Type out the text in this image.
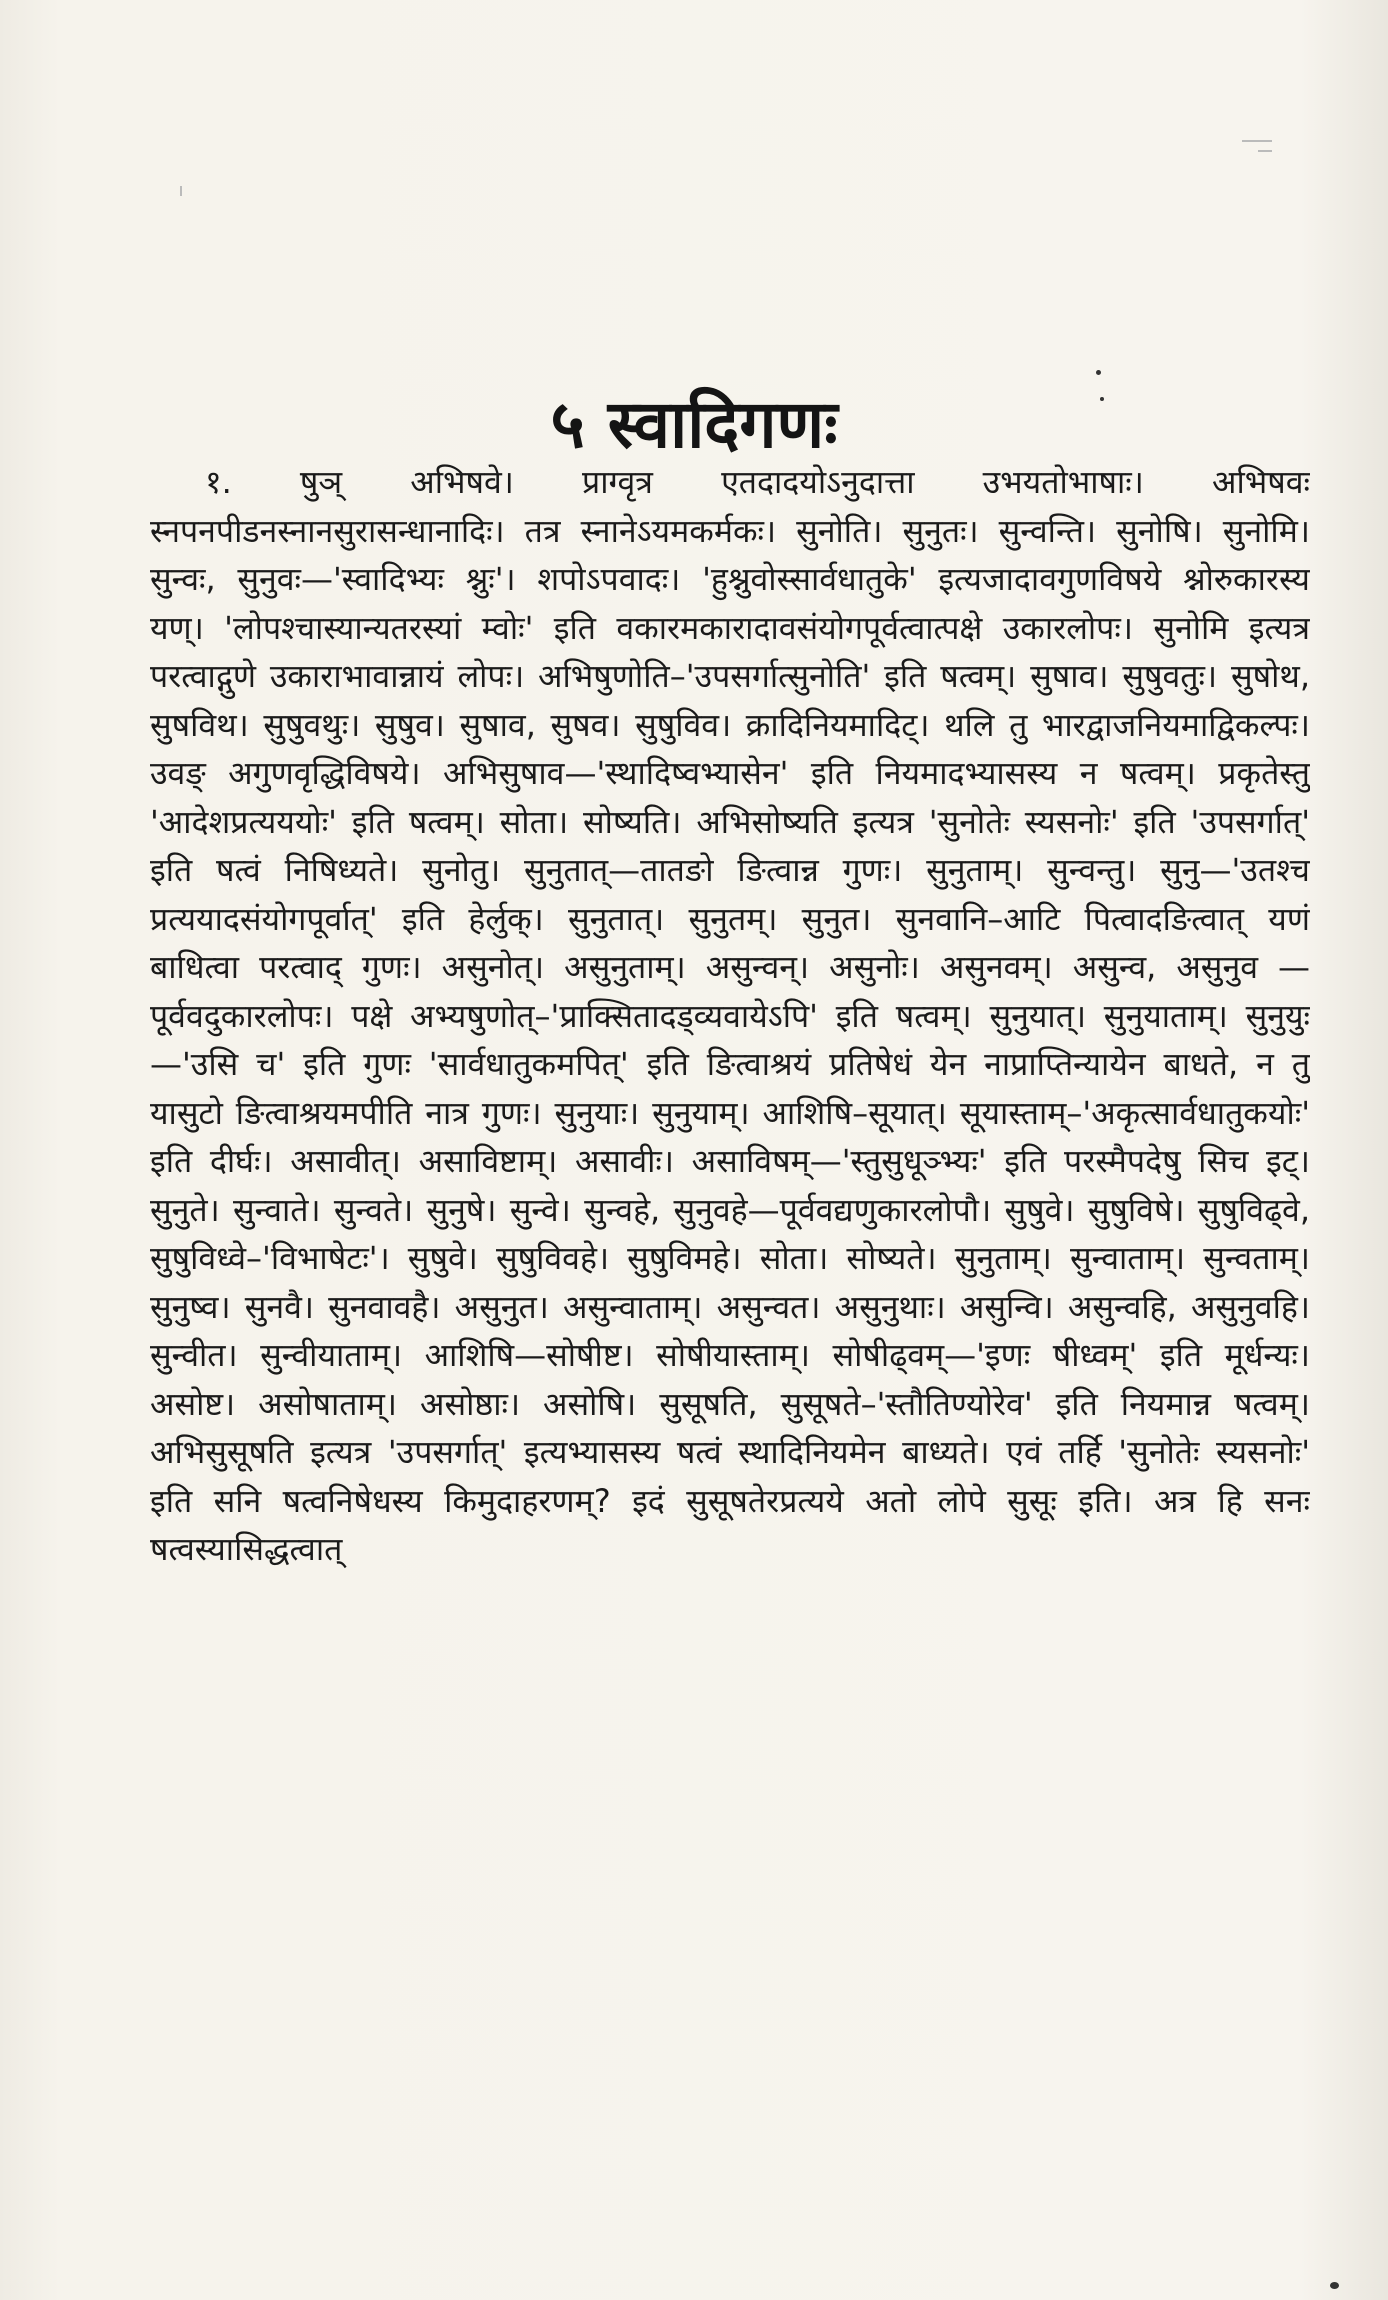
५ स्वादिगणः
१. षुञ् अभिषवे। प्राग्वृत्र एतदादयोऽनुदात्ता उभयतोभाषाः। अभिषवः स्नपनपीडनस्नानसुरासन्धानादिः। तत्र स्नानेऽयमकर्मकः। सुनोति। सुनुतः। सुन्वन्ति। सुनोषि। सुनोमि। सुन्वः, सुनुवः—'स्वादिभ्यः श्नुः'। शपोऽपवादः। 'हुश्नुवोस्सार्वधातुके' इत्यजादावगुणविषये श्नोरुकारस्य यण्। 'लोपश्चास्यान्यतरस्यां म्वोः' इति वकारमकारादावसंयोगपूर्वत्वात्पक्षे उकारलोपः। सुनोमि इत्यत्र परत्वाद्गुणे उकाराभावान्नायं लोपः। अभिषुणोति–'उपसर्गात्सुनोति' इति षत्वम्। सुषाव। सुषुवतुः। सुषोथ, सुषविथ। सुषुवथुः। सुषुव। सुषाव, सुषव। सुषुविव। क्रादिनियमादिट्। थलि तु भारद्वाजनियमाद्विकल्पः। उवङ् अगुणवृद्धिविषये। अभिसुषाव—'स्थादिष्वभ्यासेन' इति नियमादभ्यासस्य न षत्वम्। प्रकृतेस्तु 'आदेशप्रत्यययोः' इति षत्वम्। सोता। सोष्यति। अभिसोष्यति इत्यत्र 'सुनोतेः स्यसनोः' इति 'उपसर्गात्' इति षत्वं निषिध्यते। सुनोतु। सुनुतात्—तातङो ङित्वान्न गुणः। सुनुताम्। सुन्वन्तु। सुनु—'उतश्च प्रत्ययादसंयोगपूर्वात्' इति हेर्लुक्। सुनुतात्। सुनुतम्। सुनुत। सुनवानि–आटि पित्वादङित्वात् यणं बाधित्वा परत्वाद् गुणः। असुनोत्। असुनुताम्। असुन्वन्। असुनोः। असुनवम्। असुन्व, असुनुव — पूर्ववदुकारलोपः। पक्षे अभ्यषुणोत्–'प्राक्सितादड्व्यवायेऽपि' इति षत्वम्। सुनुयात्। सुनुयाताम्। सुनुयुः—'उसि च' इति गुणः 'सार्वधातुकमपित्' इति ङित्वाश्रयं प्रतिषेधं येन नाप्राप्तिन्यायेन बाधते, न तु यासुटो ङित्वाश्रयमपीति नात्र गुणः। सुनुयाः। सुनुयाम्। आशिषि–सूयात्। सूयास्ताम्–'अकृत्सार्वधातुकयोः' इति दीर्घः। असावीत्। असाविष्टाम्। असावीः। असाविषम्—'स्तुसुधूञ्भ्यः' इति परस्मैपदेषु सिच इट्। सुनुते। सुन्वाते। सुन्वते। सुनुषे। सुन्वे। सुन्वहे, सुनुवहे—पूर्ववद्यणुकारलोपौ। सुषुवे। सुषुविषे। सुषुविढ्वे, सुषुविध्वे–'विभाषेटः'। सुषुवे। सुषुविवहे। सुषुविमहे। सोता। सोष्यते। सुनुताम्। सुन्वाताम्। सुन्वताम्। सुनुष्व। सुनवै। सुनवावहै। असुनुत। असुन्वाताम्। असुन्वत। असुनुथाः। असुन्वि। असुन्वहि, असुनुवहि। सुन्वीत। सुन्वीयाताम्। आशिषि—सोषीष्ट। सोषीयास्ताम्। सोषीढ्वम्—'इणः षीध्वम्' इति मूर्धन्यः। असोष्ट। असोषाताम्। असोष्ठाः। असोषि। सुसूषति, सुसूषते–'स्तौतिण्योरेव' इति नियमान्न षत्वम्। अभिसुसूषति इत्यत्र 'उपसर्गात्' इत्यभ्यासस्य षत्वं स्थादिनियमेन बाध्यते। एवं तर्हि 'सुनोतेः स्यसनोः' इति सनि षत्वनिषेधस्य किमुदाहरणम्? इदं सुसूषतेरप्रत्यये अतो लोपे सुसूः इति। अत्र हि सनः षत्वस्यासिद्धत्वात्
